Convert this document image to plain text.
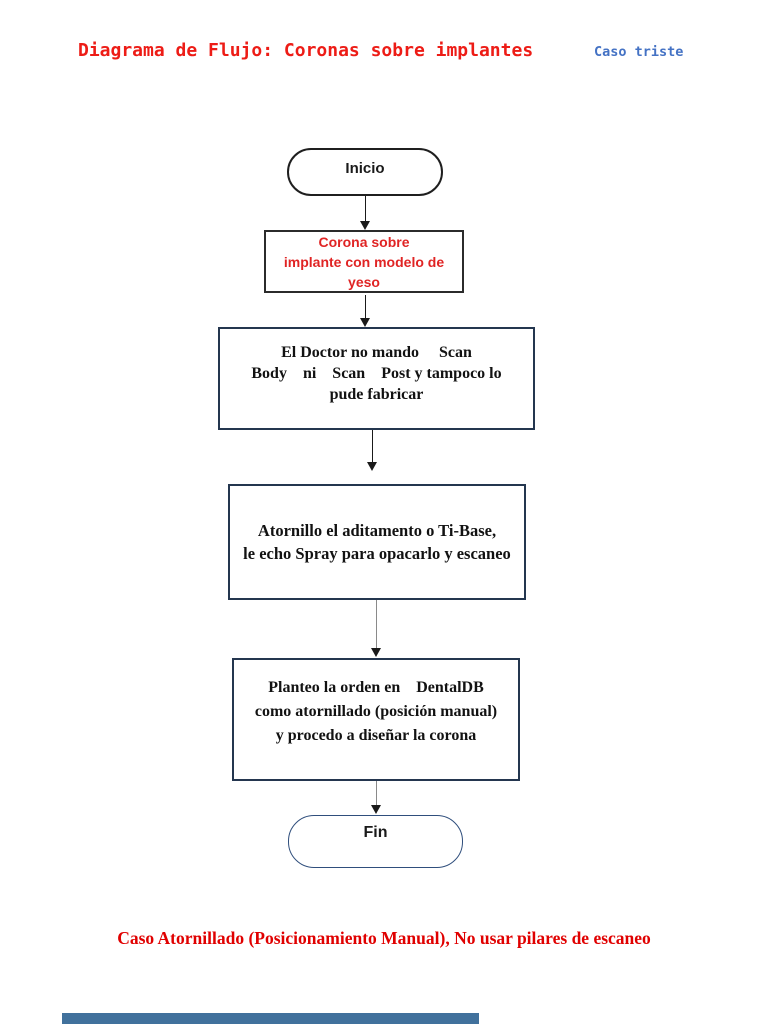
Diagrama de Flujo: Coronas sobre implantes	Caso triste
Inicio
Corona sobre
implante con modelo de
yeso
El Doctor no mando     Scan
Body    ni    Scan    Post y tampoco lo
pude fabricar
Atornillo el aditamento o Ti-Base,
le echo Spray para opacarlo y escaneo
Planteo la orden en    DentalDB
como atornillado (posición manual)
y procedo a diseñar la corona
Fin
Caso Atornillado (Posicionamiento Manual), No usar pilares de escaneo
